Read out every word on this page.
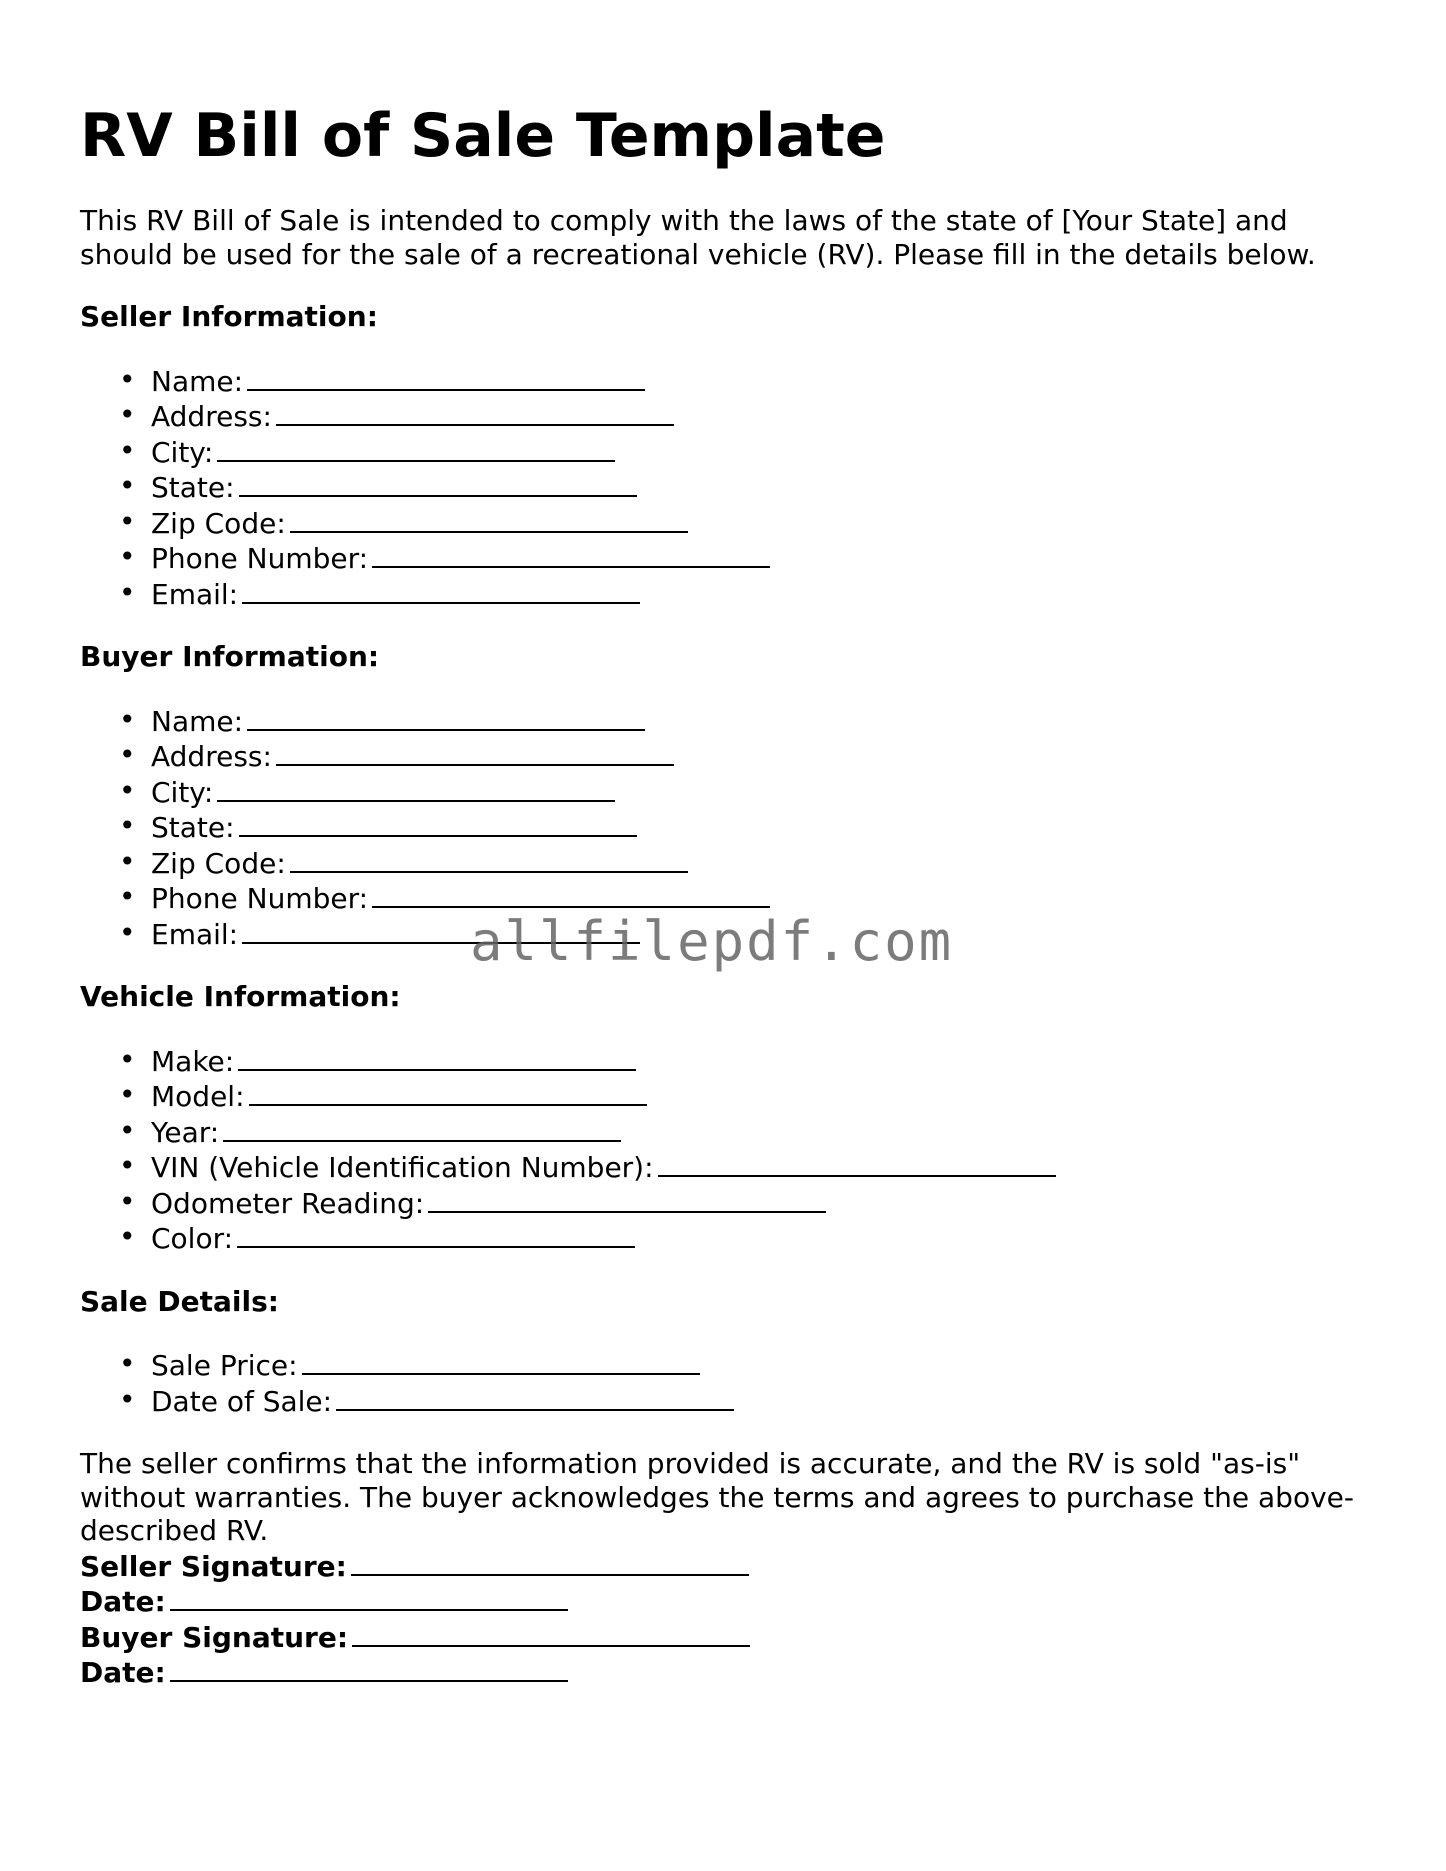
RV Bill of Sale Template

This RV Bill of Sale is intended to comply with the laws of the state of [Your State] and should be used for the sale of a recreational vehicle (RV). Please fill in the details below.

Seller Information:

• Name:
• Address:
• City:
• State:
• Zip Code:
• Phone Number:
• Email:

Buyer Information:

• Name:
• Address:
• City:
• State:
• Zip Code:
• Phone Number:
• Email:

Vehicle Information:

• Make:
• Model:
• Year:
• VIN (Vehicle Identification Number):
• Odometer Reading:
• Color:

Sale Details:

• Sale Price:
• Date of Sale:

The seller confirms that the information provided is accurate, and the RV is sold "as-is" without warranties. The buyer acknowledges the terms and agrees to purchase the above-described RV.

Seller Signature:

Date:

Buyer Signature:

Date:

allfilepdf.com
